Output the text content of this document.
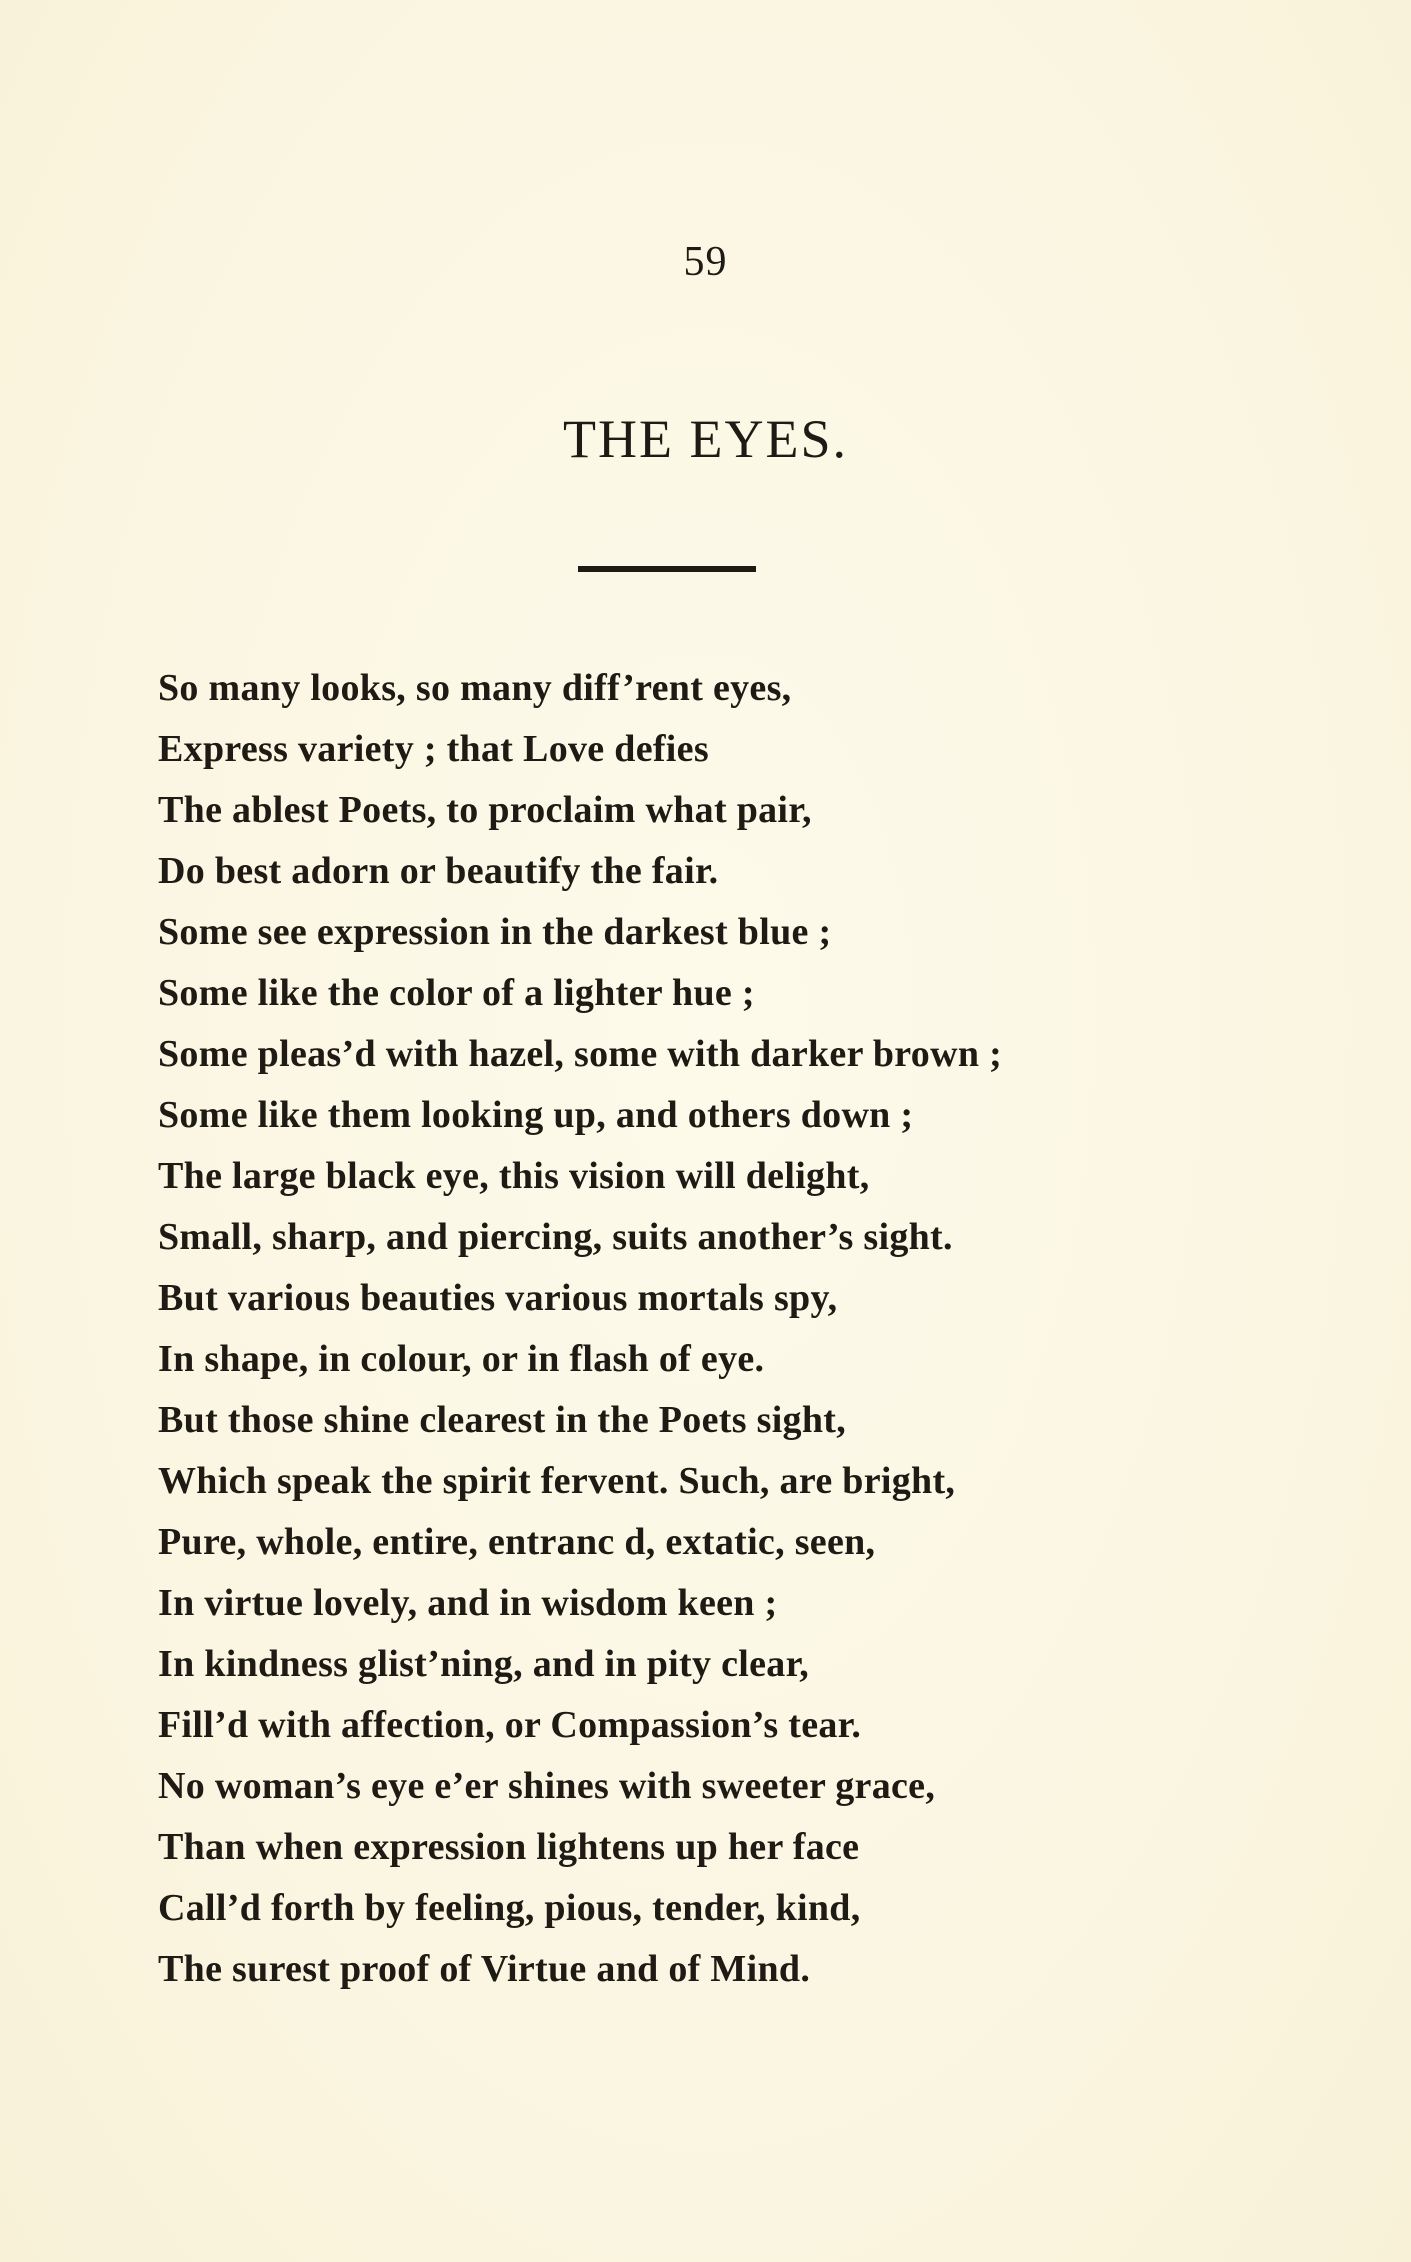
59
THE EYES.
So many looks, so many diff’rent eyes,
Express variety ; that Love defies
The ablest Poets, to proclaim what pair,
Do best adorn or beautify the fair.
Some see expression in the darkest blue ;
Some like the color of a lighter hue ;
Some pleas’d with hazel, some with darker brown ;
Some like them looking up, and others down ;
The large black eye, this vision will delight,
Small, sharp, and piercing, suits another’s sight.
But various beauties various mortals spy,
In shape, in colour, or in flash of eye.
But those shine clearest in the Poets sight,
Which speak the spirit fervent. Such, are bright,
Pure, whole, entire, entranc d, extatic, seen,
In virtue lovely, and in wisdom keen ;
In kindness glist’ning, and in pity clear,
Fill’d with affection, or Compassion’s tear.
No woman’s eye e’er shines with sweeter grace,
Than when expression lightens up her face
Call’d forth by feeling, pious, tender, kind,
The surest proof of Virtue and of Mind.
